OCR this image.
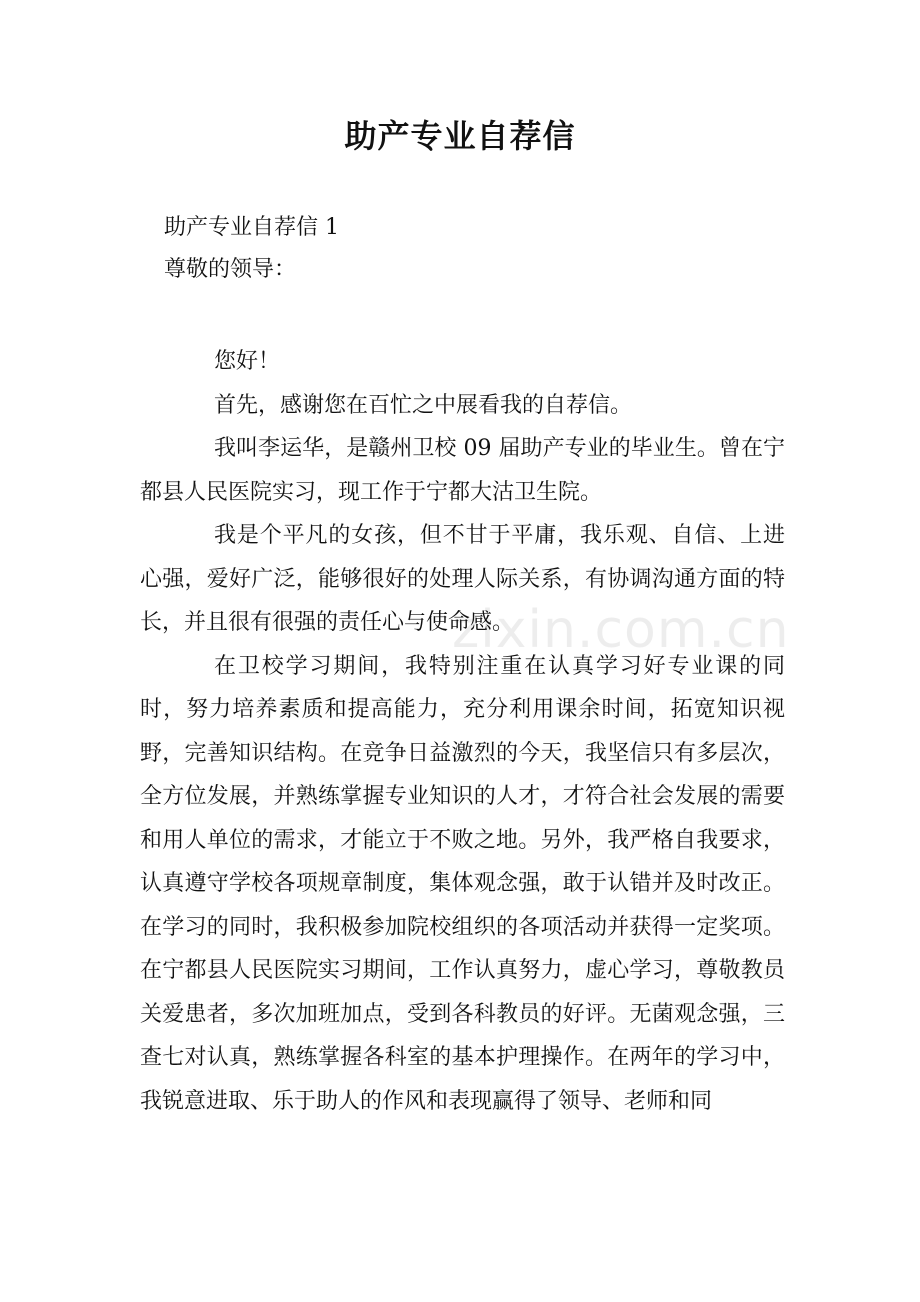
zixin.com.cn
助产专业自荐信
助产专业自荐信 1
尊敬的领导：

您好！

首先，感谢您在百忙之中展看我的自荐信。

我叫李运华，是赣州卫校 09 届助产专业的毕业生。曾在宁都县人民医院实习，现工作于宁都大沽卫生院。

我是个平凡的女孩，但不甘于平庸，我乐观、自信、上进心强，爱好广泛，能够很好的处理人际关系，有协调沟通方面的特长，并且很有很强的责任心与使命感。

在卫校学习期间，我特别注重在认真学习好专业课的同时，努力培养素质和提高能力，充分利用课余时间，拓宽知识视野，完善知识结构。在竞争日益激烈的今天，我坚信只有多层次，全方位发展，并熟练掌握专业知识的人才，才符合社会发展的需要和用人单位的需求，才能立于不败之地。另外，我严格自我要求，认真遵守学校各项规章制度，集体观念强，敢于认错并及时改正。在学习的同时，我积极参加院校组织的各项活动并获得一定奖项。在宁都县人民医院实习期间，工作认真努力，虚心学习，尊敬教员关爱患者，多次加班加点，受到各科教员的好评。无菌观念强，三查七对认真，熟练掌握各科室的基本护理操作。在两年的学习中，我锐意进取、乐于助人的作风和表现赢得了领导、老师和同
